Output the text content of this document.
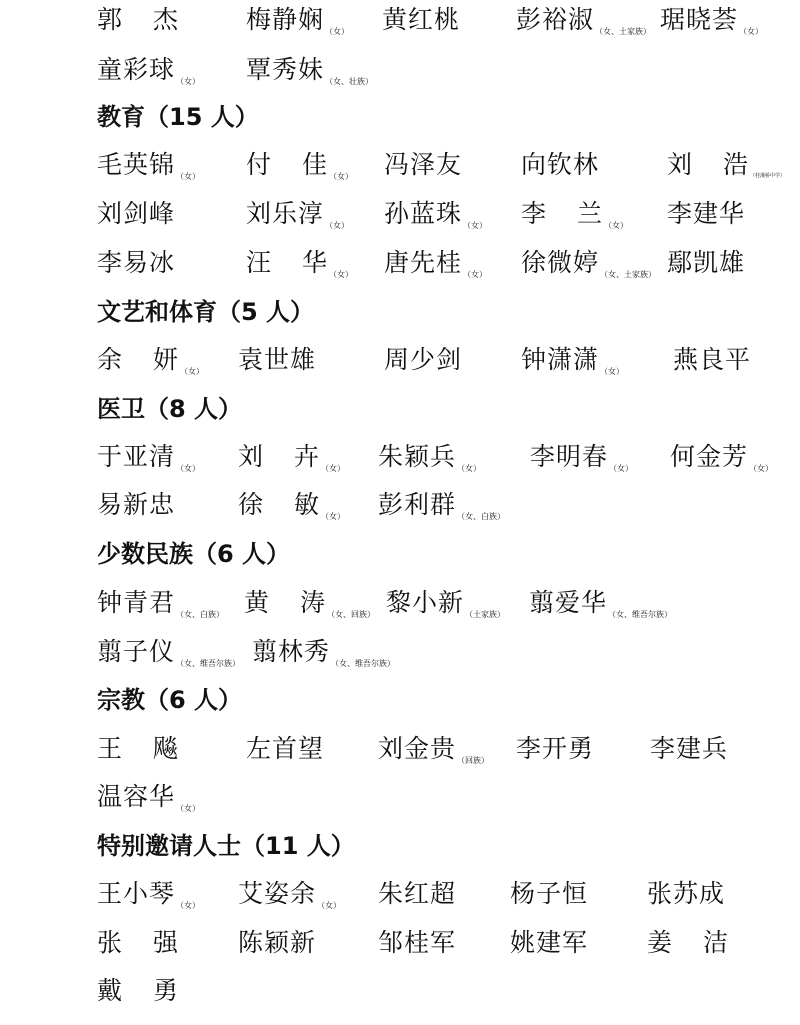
郭 杰	梅静娴$_{(女)}$ 黄红桃 彭裕淑$_{(女、土家族)}$ 琚晓荟$_{(女)}$
童彩球$_{(女)}$ 覃秀妹$_{(女、壮族)}$
教育（15 人）
毛英锦$_{(女)}$ 付 佳$_{(女)}$ 冯泽友 向钦林	刘 浩（桂溪桥中学）
刘剑峰	刘乐淳$_{(女)}$ 孙蓝珠$_{(女)}$ 李 兰$_{(女)}$ 李建华
李易冰	汪 华$_{(女)}$ 唐先桂$_{(女)}$ 徐微婷$_{(女、土家族)}$ 鄢凯雄
文艺和体育（5 人）
余 妍$_{(女)}$ 袁世雄	周少剑 钟潇潇$_{(女)}$ 燕良平
医卫（8 人）
于亚清$_{(女)}$ 刘 卉$_{(女)}$ 朱颖兵$_{(女)}$ 李明春$_{(女)}$ 何金芳$_{(女)}$
易新忠	徐 敏$_{(女)}$ 彭利群$_{(女、白族)}$
少数民族（6 人）
钟青君$_{(女、白族)}$ 黄 涛$_{(女、回族)}$ 黎小新$_{(土家族)}$ 翦爱华$_{(女、维吾尔族)}$
翦子仪$_{(女、维吾尔族)}$ 翦林秀$_{(女、维吾尔族)}$
宗教（6 人）
王 飚	左首望 刘金贵$_{(回族)}$ 李开勇 李建兵
温容华$_{(女)}$
特别邀请人士（11 人）
王小琴$_{(女)}$ 艾姿余$_{(女)}$ 朱红超 杨子恒 张苏成
张 强 陈颖新 邹桂军 姚建军 姜 洁
戴 勇
